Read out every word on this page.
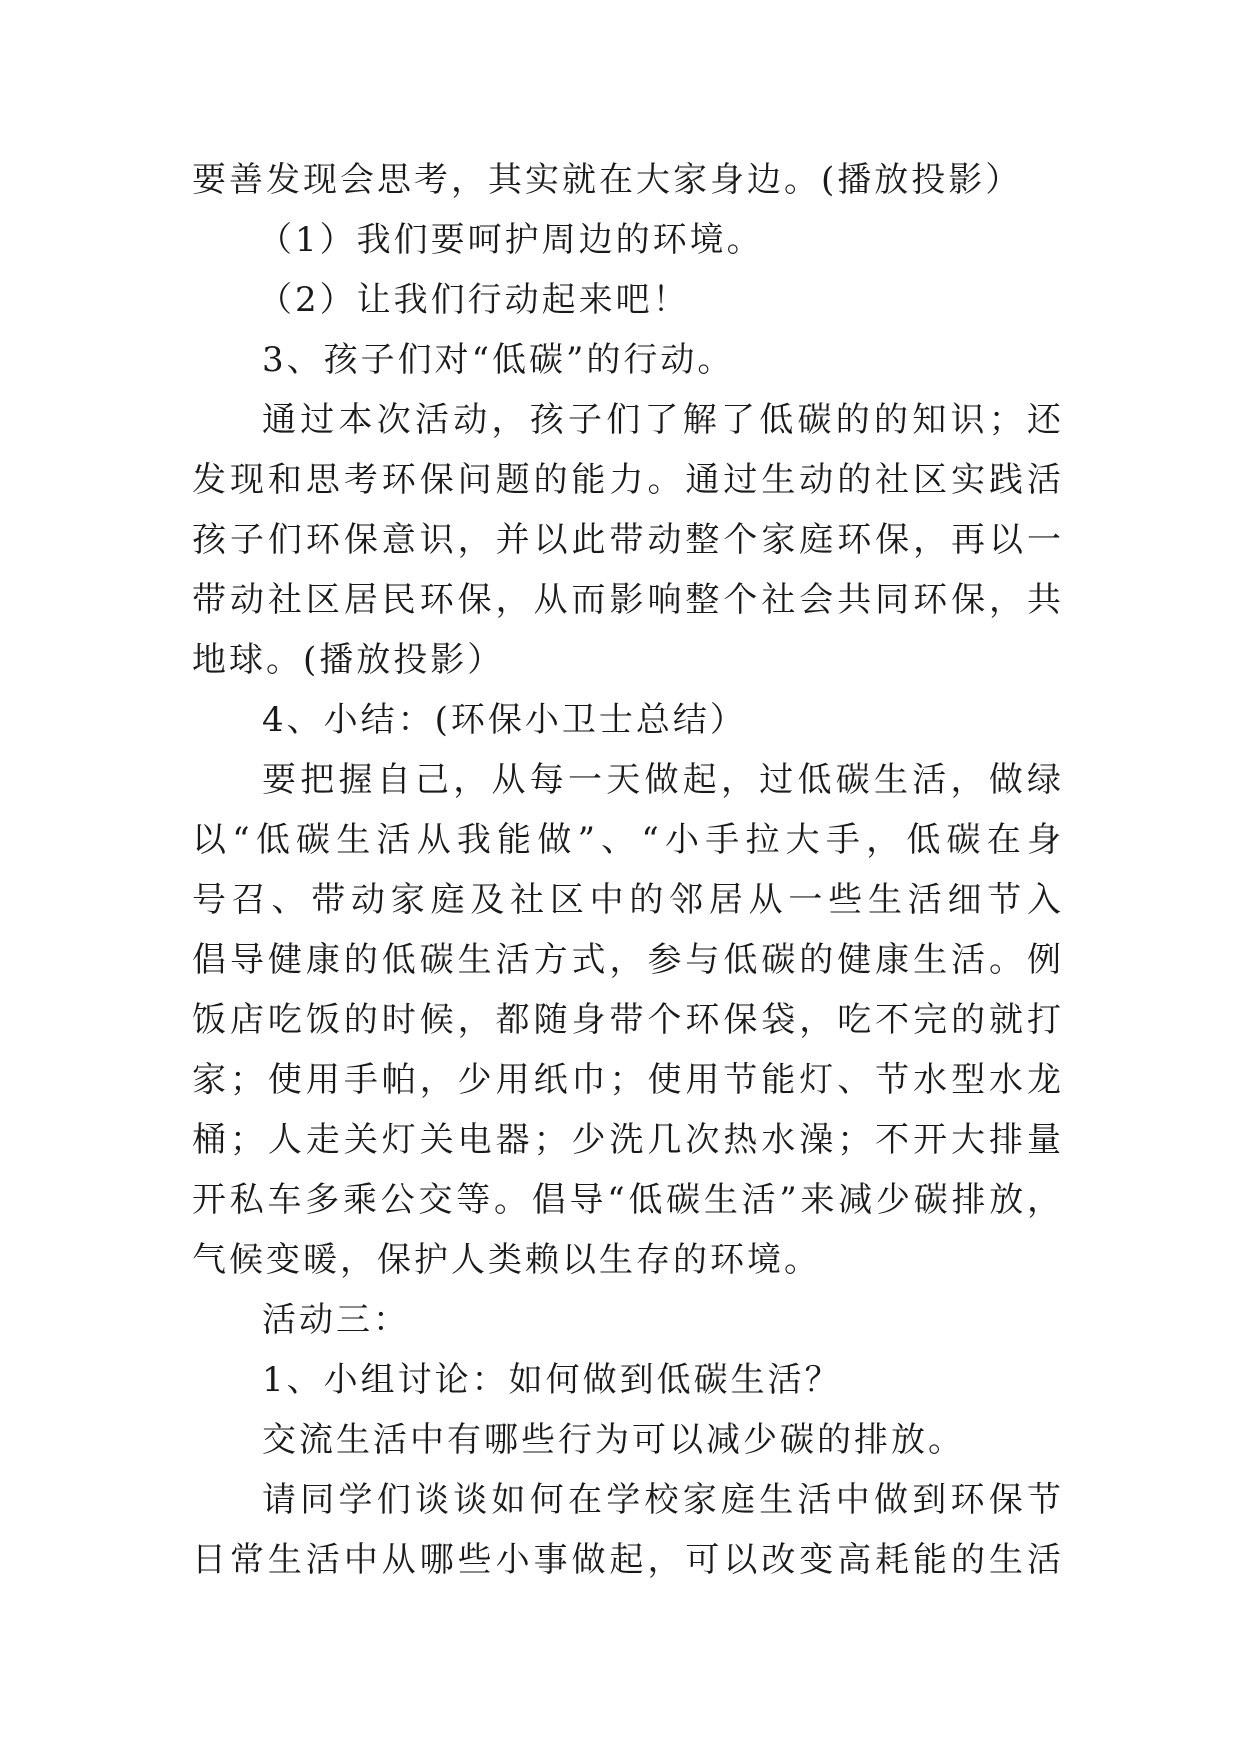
要善发现会思考，其实就在大家身边。(播放投影）
（1）我们要呵护周边的环境。
（2）让我们行动起来吧！
3、孩子们对“低碳”的行动。
通过本次活动，孩子们了解了低碳的的知识；还
发现和思考环保问题的能力。通过生动的社区实践活
孩子们环保意识，并以此带动整个家庭环保，再以一
带动社区居民环保，从而影响整个社会共同环保，共
地球。(播放投影）
4、小结：(环保小卫士总结）
要把握自己，从每一天做起，过低碳生活，做绿
以“低碳生活从我能做”、“小手拉大手，低碳在身
号召、带动家庭及社区中的邻居从一些生活细节入
倡导健康的低碳生活方式，参与低碳的健康生活。例
饭店吃饭的时候，都随身带个环保袋，吃不完的就打
家；使用手帕，少用纸巾；使用节能灯、节水型水龙
桶；人走关灯关电器；少洗几次热水澡；不开大排量
开私车多乘公交等。倡导“低碳生活”来减少碳排放，
气候变暖，保护人类赖以生存的环境。
活动三：
1、小组讨论：如何做到低碳生活？
交流生活中有哪些行为可以减少碳的排放。
请同学们谈谈如何在学校家庭生活中做到环保节
日常生活中从哪些小事做起，可以改变高耗能的生活
